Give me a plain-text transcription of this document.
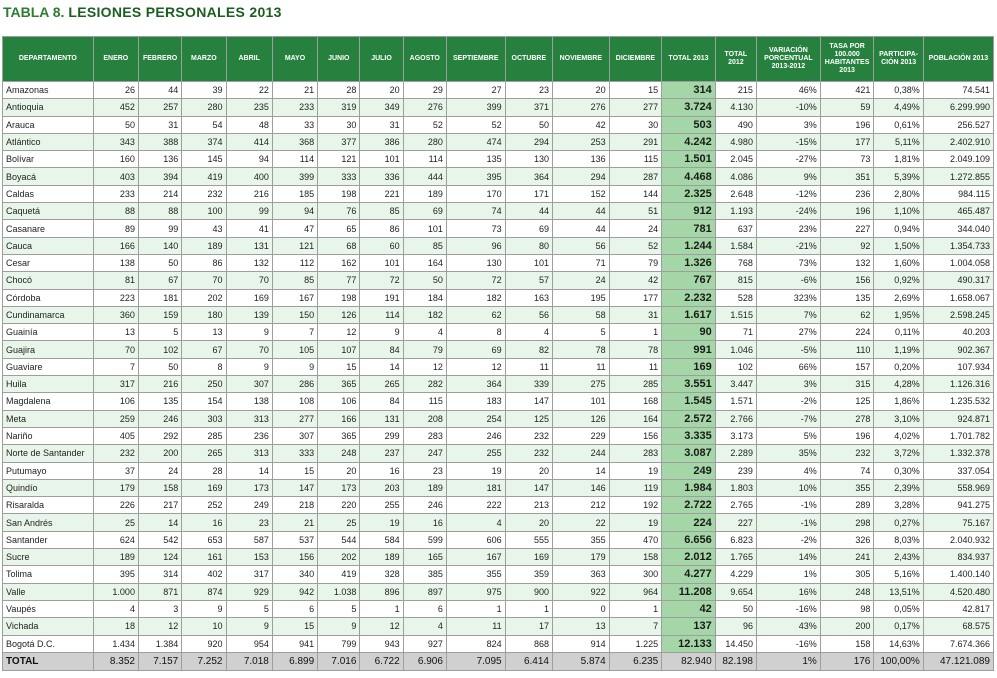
TABLA 8. LESIONES PERSONALES 2013
DEPARTAMENTO	ENERO	FEBRERO	MARZO	ABRIL	MAYO	JUNIO	JULIO	AGOSTO	SEPTIEMBRE	OCTUBRE	NOVIEMBRE	DICIEMBRE	TOTAL 2013	TOTAL 2012	VARIACIÓN PORCENTUAL 2013-2012	TASA POR 100.000 HABITANTES 2013	PARTICIPA-CIÓN 2013	POBLACIÓN 2013
Amazonas	26	44	39	22	21	28	20	29	27	23	20	15	314	215	46%	421	0,38%	74.541
Antioquia	452	257	280	235	233	319	349	276	399	371	276	277	3.724	4.130	-10%	59	4,49%	6.299.990
Arauca	50	31	54	48	33	30	31	52	52	50	42	30	503	490	3%	196	0,61%	256.527
Atlántico	343	388	374	414	368	377	386	280	474	294	253	291	4.242	4.980	-15%	177	5,11%	2.402.910
Bolívar	160	136	145	94	114	121	101	114	135	130	136	115	1.501	2.045	-27%	73	1,81%	2.049.109
Boyacá	403	394	419	400	399	333	336	444	395	364	294	287	4.468	4.086	9%	351	5,39%	1.272.855
Caldas	233	214	232	216	185	198	221	189	170	171	152	144	2.325	2.648	-12%	236	2,80%	984.115
Caquetá	88	88	100	99	94	76	85	69	74	44	44	51	912	1.193	-24%	196	1,10%	465.487
Casanare	89	99	43	41	47	65	86	101	73	69	44	24	781	637	23%	227	0,94%	344.040
Cauca	166	140	189	131	121	68	60	85	96	80	56	52	1.244	1.584	-21%	92	1,50%	1.354.733
Cesar	138	50	86	132	112	162	101	164	130	101	71	79	1.326	768	73%	132	1,60%	1.004.058
Chocó	81	67	70	70	85	77	72	50	72	57	24	42	767	815	-6%	156	0,92%	490.317
Córdoba	223	181	202	169	167	198	191	184	182	163	195	177	2.232	528	323%	135	2,69%	1.658.067
Cundinamarca	360	159	180	139	150	126	114	182	62	56	58	31	1.617	1.515	7%	62	1,95%	2.598.245
Guainía	13	5	13	9	7	12	9	4	8	4	5	1	90	71	27%	224	0,11%	40.203
Guajira	70	102	67	70	105	107	84	79	69	82	78	78	991	1.046	-5%	110	1,19%	902.367
Guaviare	7	50	8	9	9	15	14	12	12	11	11	11	169	102	66%	157	0,20%	107.934
Huila	317	216	250	307	286	365	265	282	364	339	275	285	3.551	3.447	3%	315	4,28%	1.126.316
Magdalena	106	135	154	138	108	106	84	115	183	147	101	168	1.545	1.571	-2%	125	1,86%	1.235.532
Meta	259	246	303	313	277	166	131	208	254	125	126	164	2.572	2.766	-7%	278	3,10%	924.871
Nariño	405	292	285	236	307	365	299	283	246	232	229	156	3.335	3.173	5%	196	4,02%	1.701.782
Norte de Santander	232	200	265	313	333	248	237	247	255	232	244	283	3.087	2.289	35%	232	3,72%	1.332.378
Putumayo	37	24	28	14	15	20	16	23	19	20	14	19	249	239	4%	74	0,30%	337.054
Quindío	179	158	169	173	147	173	203	189	181	147	146	119	1.984	1.803	10%	355	2,39%	558.969
Risaralda	226	217	252	249	218	220	255	246	222	213	212	192	2.722	2.765	-1%	289	3,28%	941.275
San Andrés	25	14	16	23	21	25	19	16	4	20	22	19	224	227	-1%	298	0,27%	75.167
Santander	624	542	653	587	537	544	584	599	606	555	355	470	6.656	6.823	-2%	326	8,03%	2.040.932
Sucre	189	124	161	153	156	202	189	165	167	169	179	158	2.012	1.765	14%	241	2,43%	834.937
Tolima	395	314	402	317	340	419	328	385	355	359	363	300	4.277	4.229	1%	305	5,16%	1.400.140
Valle	1.000	871	874	929	942	1.038	896	897	975	900	922	964	11.208	9.654	16%	248	13,51%	4.520.480
Vaupés	4	3	9	5	6	5	1	6	1	1	0	1	42	50	-16%	98	0,05%	42.817
Vichada	18	12	10	9	15	9	12	4	11	17	13	7	137	96	43%	200	0,17%	68.575
Bogotá D.C.	1.434	1.384	920	954	941	799	943	927	824	868	914	1.225	12.133	14.450	-16%	158	14,63%	7.674.366
TOTAL	8.352	7.157	7.252	7.018	6.899	7.016	6.722	6.906	7.095	6.414	5.874	6.235	82.940	82.198	1%	176	100,00%	47.121.089
